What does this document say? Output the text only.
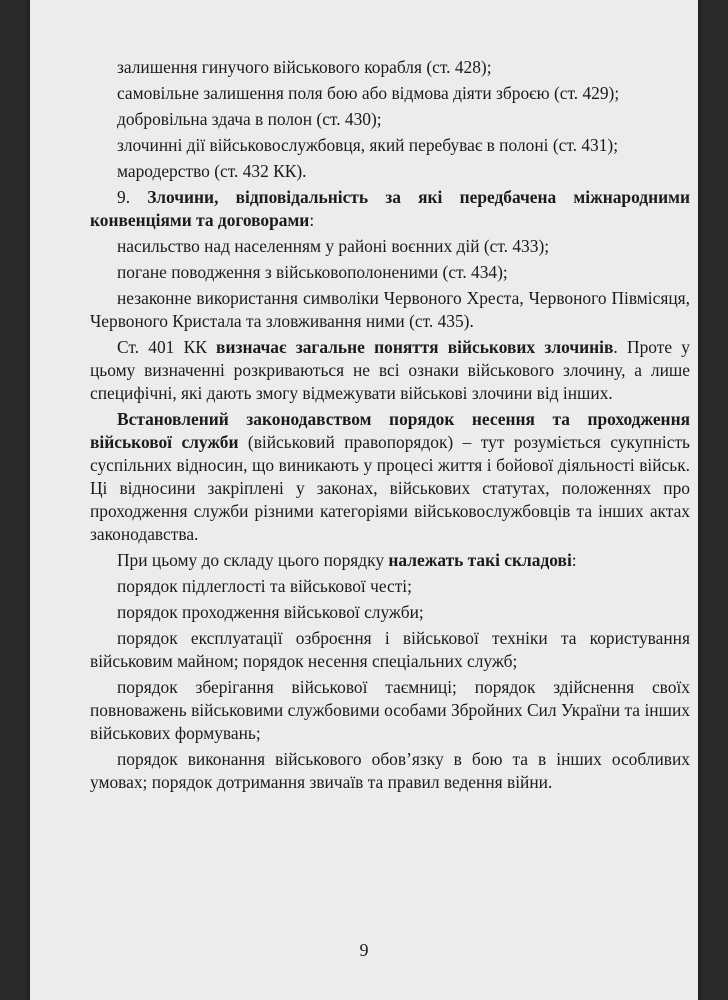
залишення гинучого військового корабля (ст. 428);

самовільне залишення поля бою або відмова діяти зброєю (ст. 429);

добровільна здача в полон (ст. 430);

злочинні дії військовослужбовця, який перебуває в полоні (ст. 431);

мародерство (ст. 432 КК).

9. Злочини, відповідальність за які передбачена міжнародними конвенціями та договорами:

насильство над населенням у районі воєнних дій (ст. 433);

погане поводження з військовополоненими (ст. 434);

незаконне використання символіки Червоного Хреста, Червоного Півмісяця, Червоного Кристала та зловживання ними (ст. 435).

Ст. 401 КК визначає загальне поняття військових злочинів. Проте у цьому визначенні розкриваються не всі ознаки військового злочину, а лише специфічні, які дають змогу відмежувати військові злочини від інших.

Встановлений законодавством порядок несення та проходження військової служби (військовий правопорядок) – тут розуміється сукупність суспільних відносин, що виникають у процесі життя і бойової діяльності військ. Ці відносини закріплені у законах, військових статутах, положеннях про проходження служби різними категоріями військовослужбовців та інших актах законодавства.

При цьому до складу цього порядку належать такі складові:

порядок підлеглості та військової честі;

порядок проходження військової служби;

порядок експлуатації озброєння і військової техніки та користування військовим майном; порядок несення спеціальних служб;

порядок зберігання військової таємниці; порядок здійснення своїх повноважень військовими службовими особами Збройних Сил України та інших військових формувань;

порядок виконання військового обов’язку в бою та в інших особливих умовах; порядок дотримання звичаїв та правил ведення війни.

9
